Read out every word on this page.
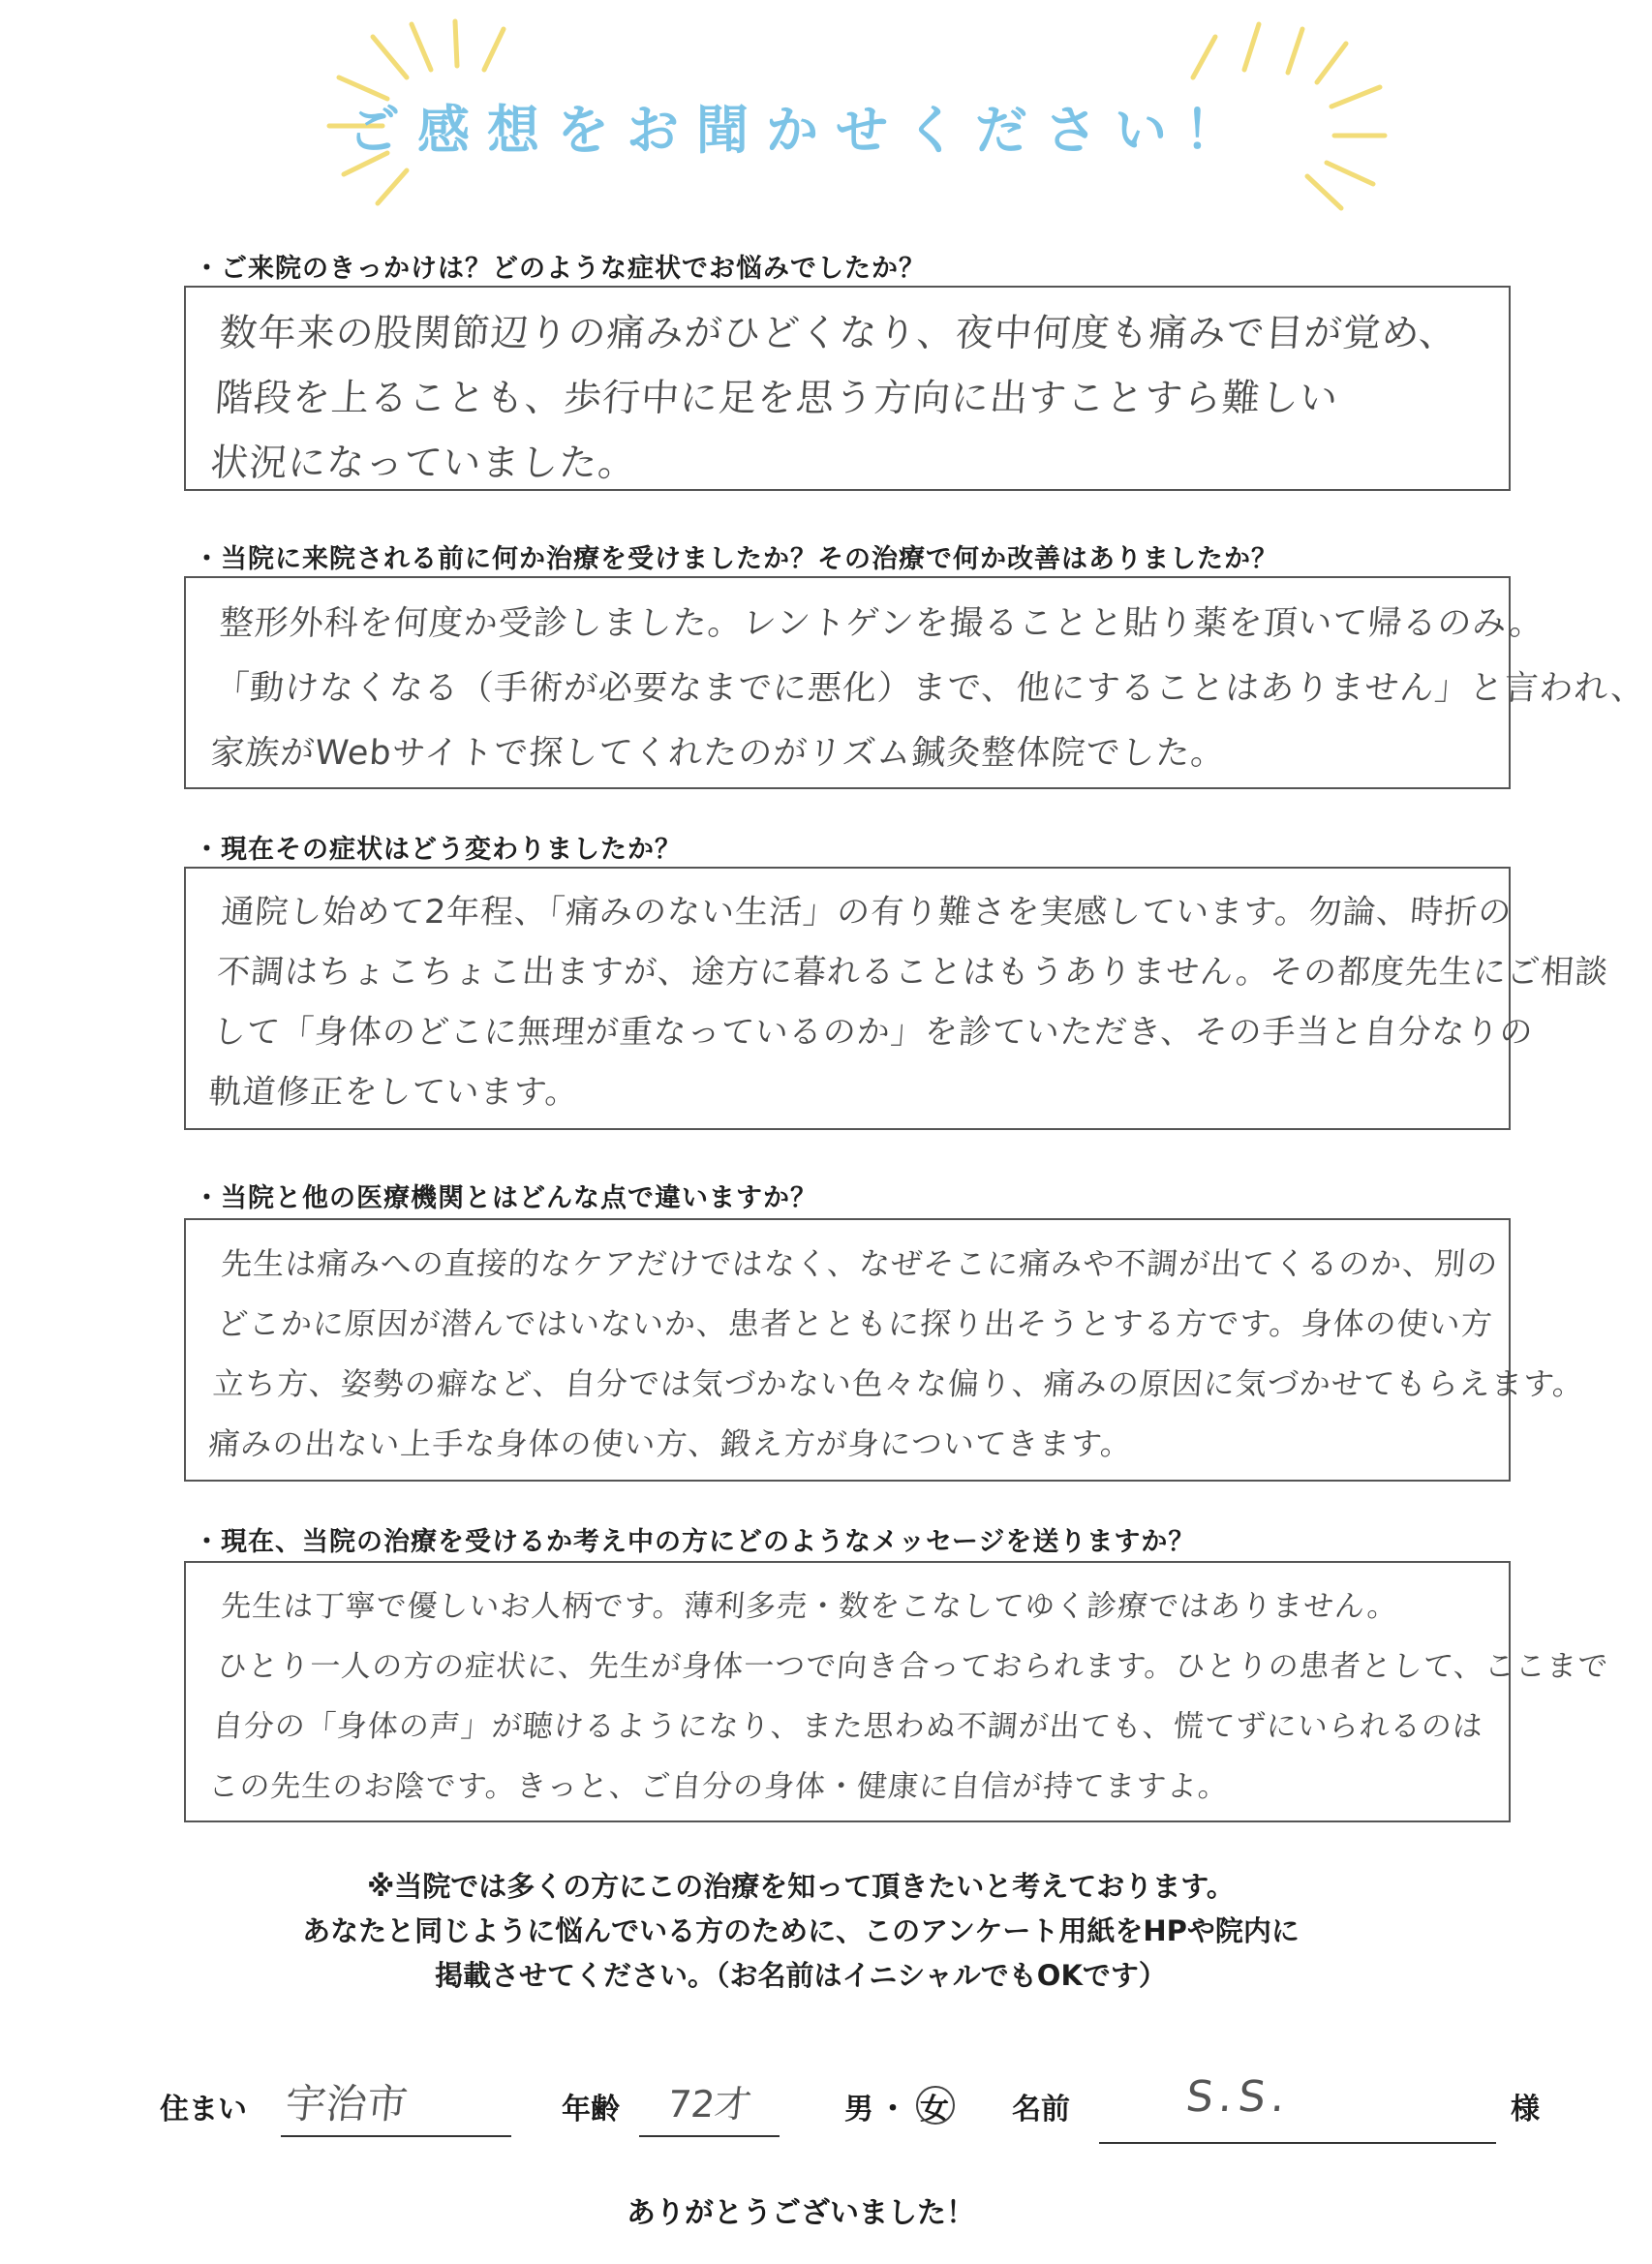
ご感想をお聞かせください！
・ご来院のきっかけは？どのような症状でお悩みでしたか？
数年来の股関節辺りの痛みがひどくなり、夜中何度も痛みで目が覚め、
階段を上ることも、歩行中に足を思う方向に出すことすら難しい
状況になっていました。
・当院に来院される前に何か治療を受けましたか？その治療で何か改善はありましたか？
整形外科を何度か受診しました。レントゲンを撮ることと貼り薬を頂いて帰るのみ。
「動けなくなる（手術が必要なまでに悪化）まで、他にすることはありません」と言われ、
家族がWebサイトで探してくれたのがリズム鍼灸整体院でした。
・現在その症状はどう変わりましたか？
通院し始めて2年程、「痛みのない生活」の有り難さを実感しています。勿論、時折の
不調はちょこちょこ出ますが、途方に暮れることはもうありません。その都度先生にご相談
して「身体のどこに無理が重なっているのか」を診ていただき、その手当と自分なりの
軌道修正をしています。
・当院と他の医療機関とはどんな点で違いますか？
先生は痛みへの直接的なケアだけではなく、なぜそこに痛みや不調が出てくるのか、別の
どこかに原因が潜んではいないか、患者とともに探り出そうとする方です。身体の使い方
立ち方、姿勢の癖など、自分では気づかない色々な偏り、痛みの原因に気づかせてもらえます。
痛みの出ない上手な身体の使い方、鍛え方が身についてきます。
・現在、当院の治療を受けるか考え中の方にどのようなメッセージを送りますか？
先生は丁寧で優しいお人柄です。薄利多売・数をこなしてゆく診療ではありません。
ひとり一人の方の症状に、先生が身体一つで向き合っておられます。ひとりの患者として、ここまで
自分の「身体の声」が聴けるようになり、また思わぬ不調が出ても、慌てずにいられるのは
この先生のお陰です。きっと、ご自分の身体・健康に自信が持てますよ。
※当院では多くの方にこの治療を知って頂きたいと考えております。
あなたと同じように悩んでいる方のために、このアンケート用紙をHPや院内に
掲載させてください。（お名前はイニシャルでもOKです）
住まい 宇治市	年齢 72才	男 ・ 女 名前	S.S.	様
ありがとうございました！
